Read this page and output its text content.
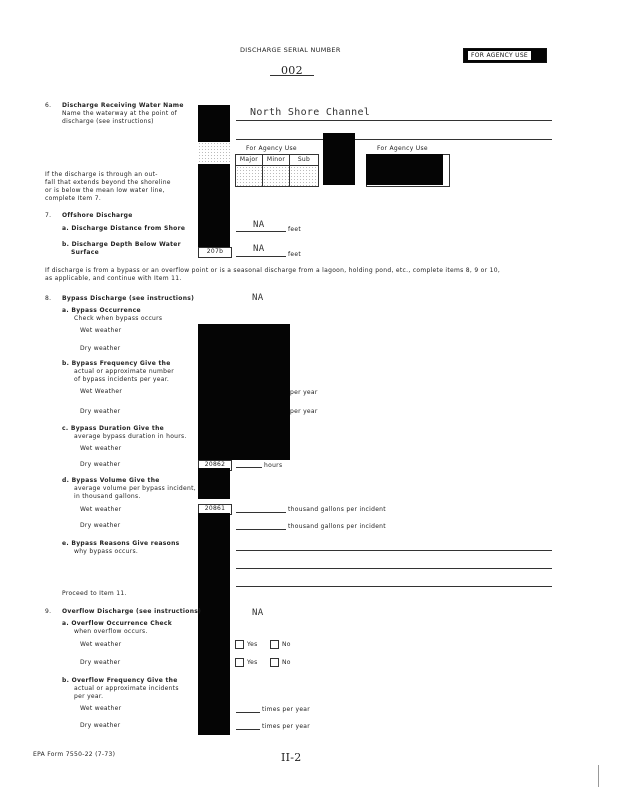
DISCHARGE SERIAL NUMBER
002
FOR AGENCY USE
6. Discharge Receiving Water Name
Name the waterway at the point of
discharge (see instructions)
North Shore Channel
If the discharge is through an out-
fall that extends beyond the shoreline
or is below the mean low water line,
complete Item 7.
For Agency Use
Major	Minor	Sub
For Agency Use
7. Offshore Discharge
a. Discharge Distance from Shore	NA	feet
b. Discharge Depth Below Water
Surface	207b	NA
feet
If discharge is from a bypass or an overflow point or is a seasonal discharge from a lagoon, holding pond, etc., complete items 8, 9 or 10,
as applicable, and continue with Item 11.
8. Bypass Discharge (see instructions)	NA
a. Bypass Occurrence
Check when bypass occurs
Wet weather
Dry weather
b. Bypass Frequency Give the
actual or approximate number
of bypass incidents per year.
Wet Weather	per year
Dry weather	per year
c. Bypass Duration Give the
average bypass duration in hours.
Wet weather
Dry weather	20862	hours
d. Bypass Volume Give the
average volume per bypass incident,
in thousand gallons.
Wet weather	20861	thousand gallons per incident
Dry weather	thousand gallons per incident
e. Bypass Reasons Give reasons
why bypass occurs.
Proceed to Item 11.
9. Overflow Discharge (see instructions)	NA
a. Overflow Occurrence Check
when overflow occurs.
Wet weather	Yes	No
Dry weather	Yes	No
b. Overflow Frequency Give the
actual or approximate incidents
per year.
Wet weather	times per year
Dry weather	times per year
EPA Form 7550-22 (7-73)	II-2
